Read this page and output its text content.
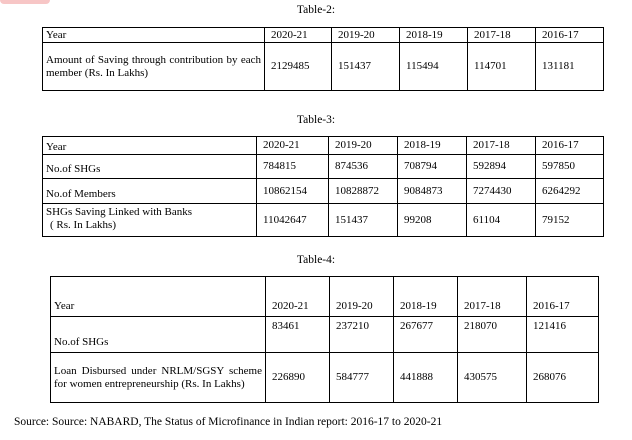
Table-2:
Year	2020-21	2019-20	2018-19	2017-18	2016-17
Amount of Saving through contribution by each member (Rs. In Lakhs)	2129485	151437	115494	114701	131181
Table-3:
Year	2020-21	2019-20	2018-19	2017-18	2016-17
No.of SHGs	784815	874536	708794	592894	597850
No.of Members	10862154	10828872	9084873	7274430	6264292

SHGs Saving Linked with Banks
( Rs. In Lakhs)	11042647	151437	99208	61104	79152
Table-4:
Year	2020-21	2019-20	2018-19	2017-18	2016-17
No.of SHGs	83461	237210	267677	218070	121416
Loan Disbursed under NRLM/SGSY scheme for women entrepreneurship (Rs. In Lakhs)	226890	584777	441888	430575	268076
Source: Source: NABARD, The Status of Microfinance in Indian report: 2016-17 to 2020-21
